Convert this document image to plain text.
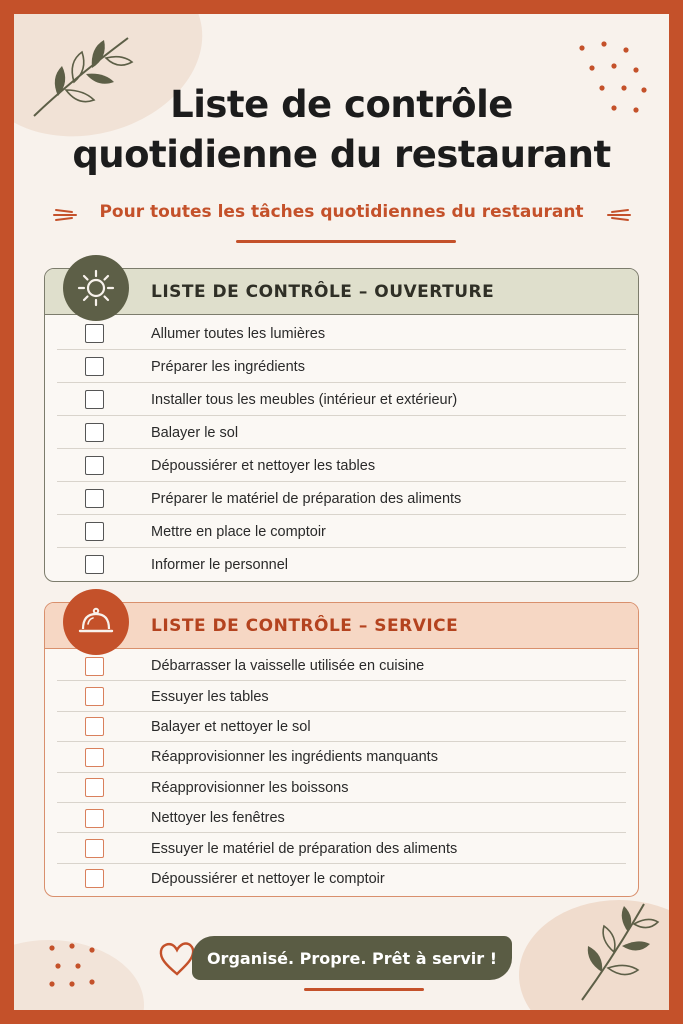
Liste de contrôle
quotidienne du restaurant
Pour toutes les tâches quotidiennes du restaurant
LISTE DE CONTRÔLE – OUVERTURE
Allumer toutes les lumières
Préparer les ingrédients
Installer tous les meubles (intérieur et extérieur)
Balayer le sol
Dépoussiérer et nettoyer les tables
Préparer le matériel de préparation des aliments
Mettre en place le comptoir
Informer le personnel
LISTE DE CONTRÔLE – SERVICE
Débarrasser la vaisselle utilisée en cuisine
Essuyer les tables
Balayer et nettoyer le sol
Réapprovisionner les ingrédients manquants
Réapprovisionner les boissons
Nettoyer les fenêtres
Essuyer le matériel de préparation des aliments
Dépoussiérer et nettoyer le comptoir
Organisé. Propre. Prêt à servir !
